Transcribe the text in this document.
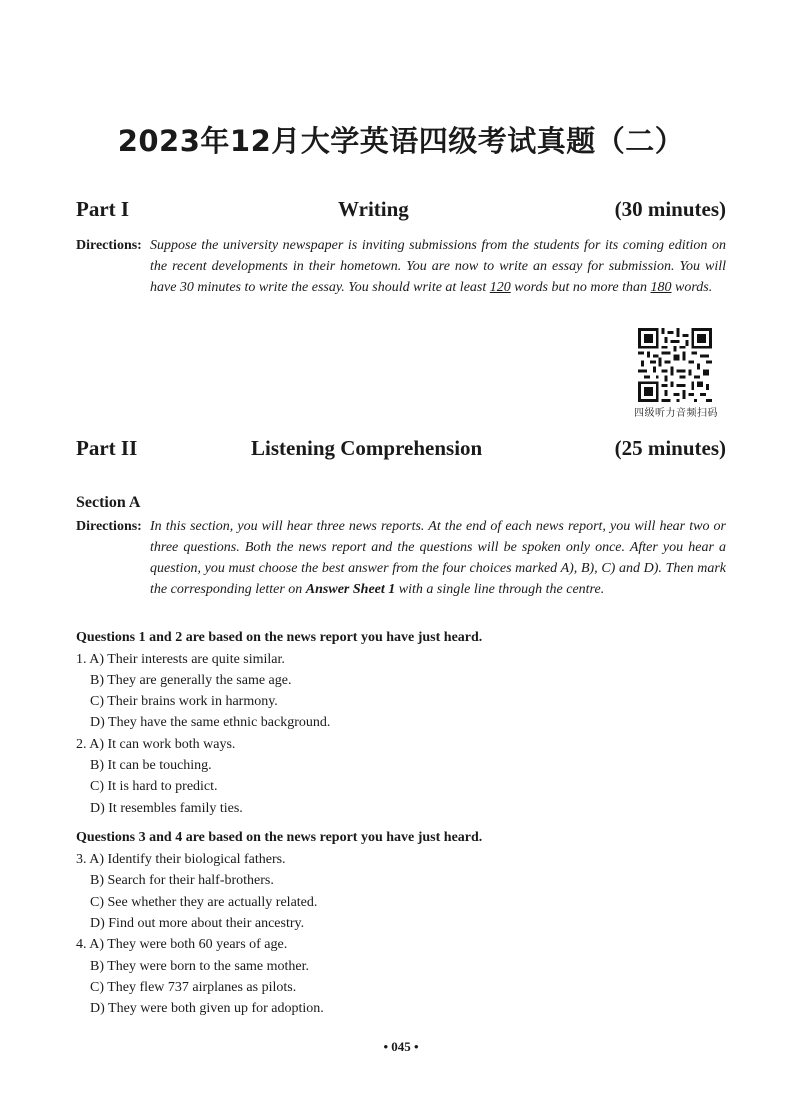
2023年12月大学英语四级考试真题（二）
Part I	Writing	(30 minutes)
Directions: Suppose the university newspaper is inviting submissions from the students for its coming edition on the recent developments in their hometown. You are now to write an essay for submission. You will have 30 minutes to write the essay. You should write at least 120 words but no more than 180 words.
四级听力音频扫码
Part II	Listening Comprehension	(25 minutes)
Section A
Directions: In this section, you will hear three news reports. At the end of each news report, you will hear two or three questions. Both the news report and the questions will be spoken only once. After you hear a question, you must choose the best answer from the four choices marked A), B), C) and D). Then mark the corresponding letter on Answer Sheet 1 with a single line through the centre.
Questions 1 and 2 are based on the news report you have just heard.
1. A) Their interests are quite similar.
B) They are generally the same age.
C) Their brains work in harmony.
D) They have the same ethnic background.
2. A) It can work both ways.
B) It can be touching.
C) It is hard to predict.
D) It resembles family ties.
Questions 3 and 4 are based on the news report you have just heard.
3. A) Identify their biological fathers.
B) Search for their half-brothers.
C) See whether they are actually related.
D) Find out more about their ancestry.
4. A) They were both 60 years of age.
B) They were born to the same mother.
C) They flew 737 airplanes as pilots.
D) They were both given up for adoption.
• 045 •
